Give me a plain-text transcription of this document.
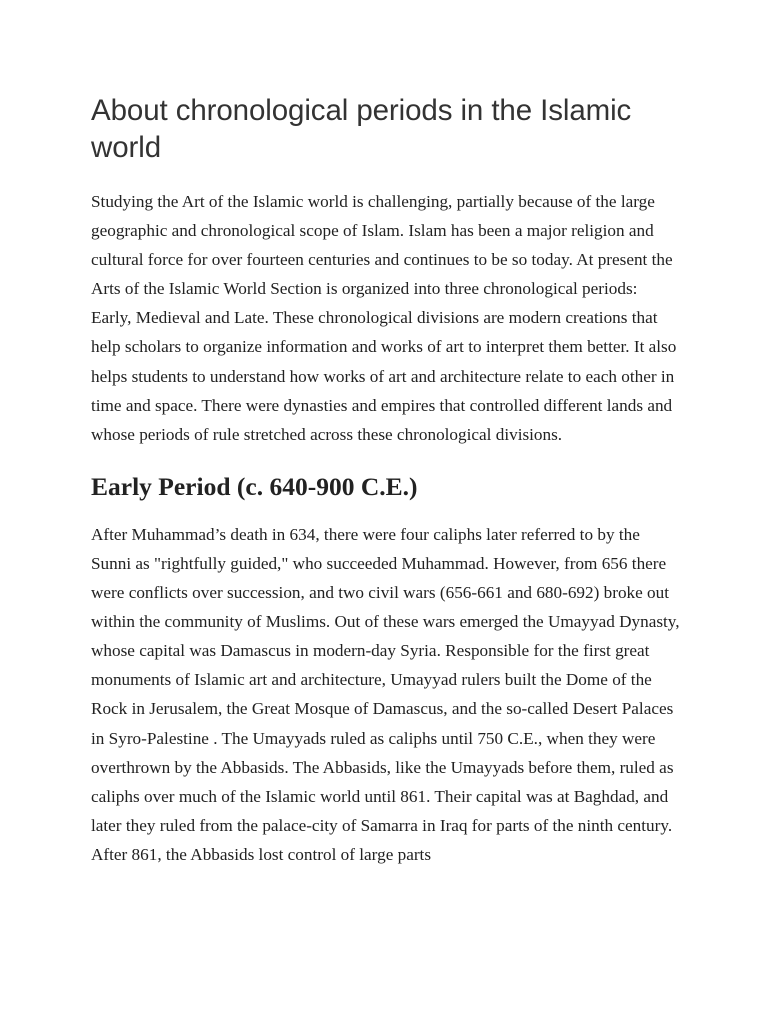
About chronological periods in the Islamic world

Studying the Art of the Islamic world is challenging, partially because of the large geographic and chronological scope of Islam. Islam has been a major religion and cultural force for over fourteen centuries and continues to be so today. At present the Arts of the Islamic World Section is organized into three chronological periods: Early, Medieval and Late. These chronological divisions are modern creations that help scholars to organize information and works of art to interpret them better. It also helps students to understand how works of art and architecture relate to each other in time and space. There were dynasties and empires that controlled different lands and whose periods of rule stretched across these chronological divisions.

Early Period (c. 640-900 C.E.)

After Muhammad’s death in 634, there were four caliphs later referred to by the Sunni as "rightfully guided," who succeeded Muhammad. However, from 656 there were conflicts over succession, and two civil wars (656-661 and 680-692) broke out within the community of Muslims. Out of these wars emerged the Umayyad Dynasty, whose capital was Damascus in modern-day Syria. Responsible for the first great monuments of Islamic art and architecture, Umayyad rulers built the Dome of the Rock in Jerusalem, the Great Mosque of Damascus, and the so-called Desert Palaces in Syro-Palestine . The Umayyads ruled as caliphs until 750 C.E., when they were overthrown by the Abbasids. The Abbasids, like the Umayyads before them, ruled as caliphs over much of the Islamic world until 861. Their capital was at Baghdad, and later they ruled from the palace-city of Samarra in Iraq for parts of the ninth century. After 861, the Abbasids lost control of large parts
